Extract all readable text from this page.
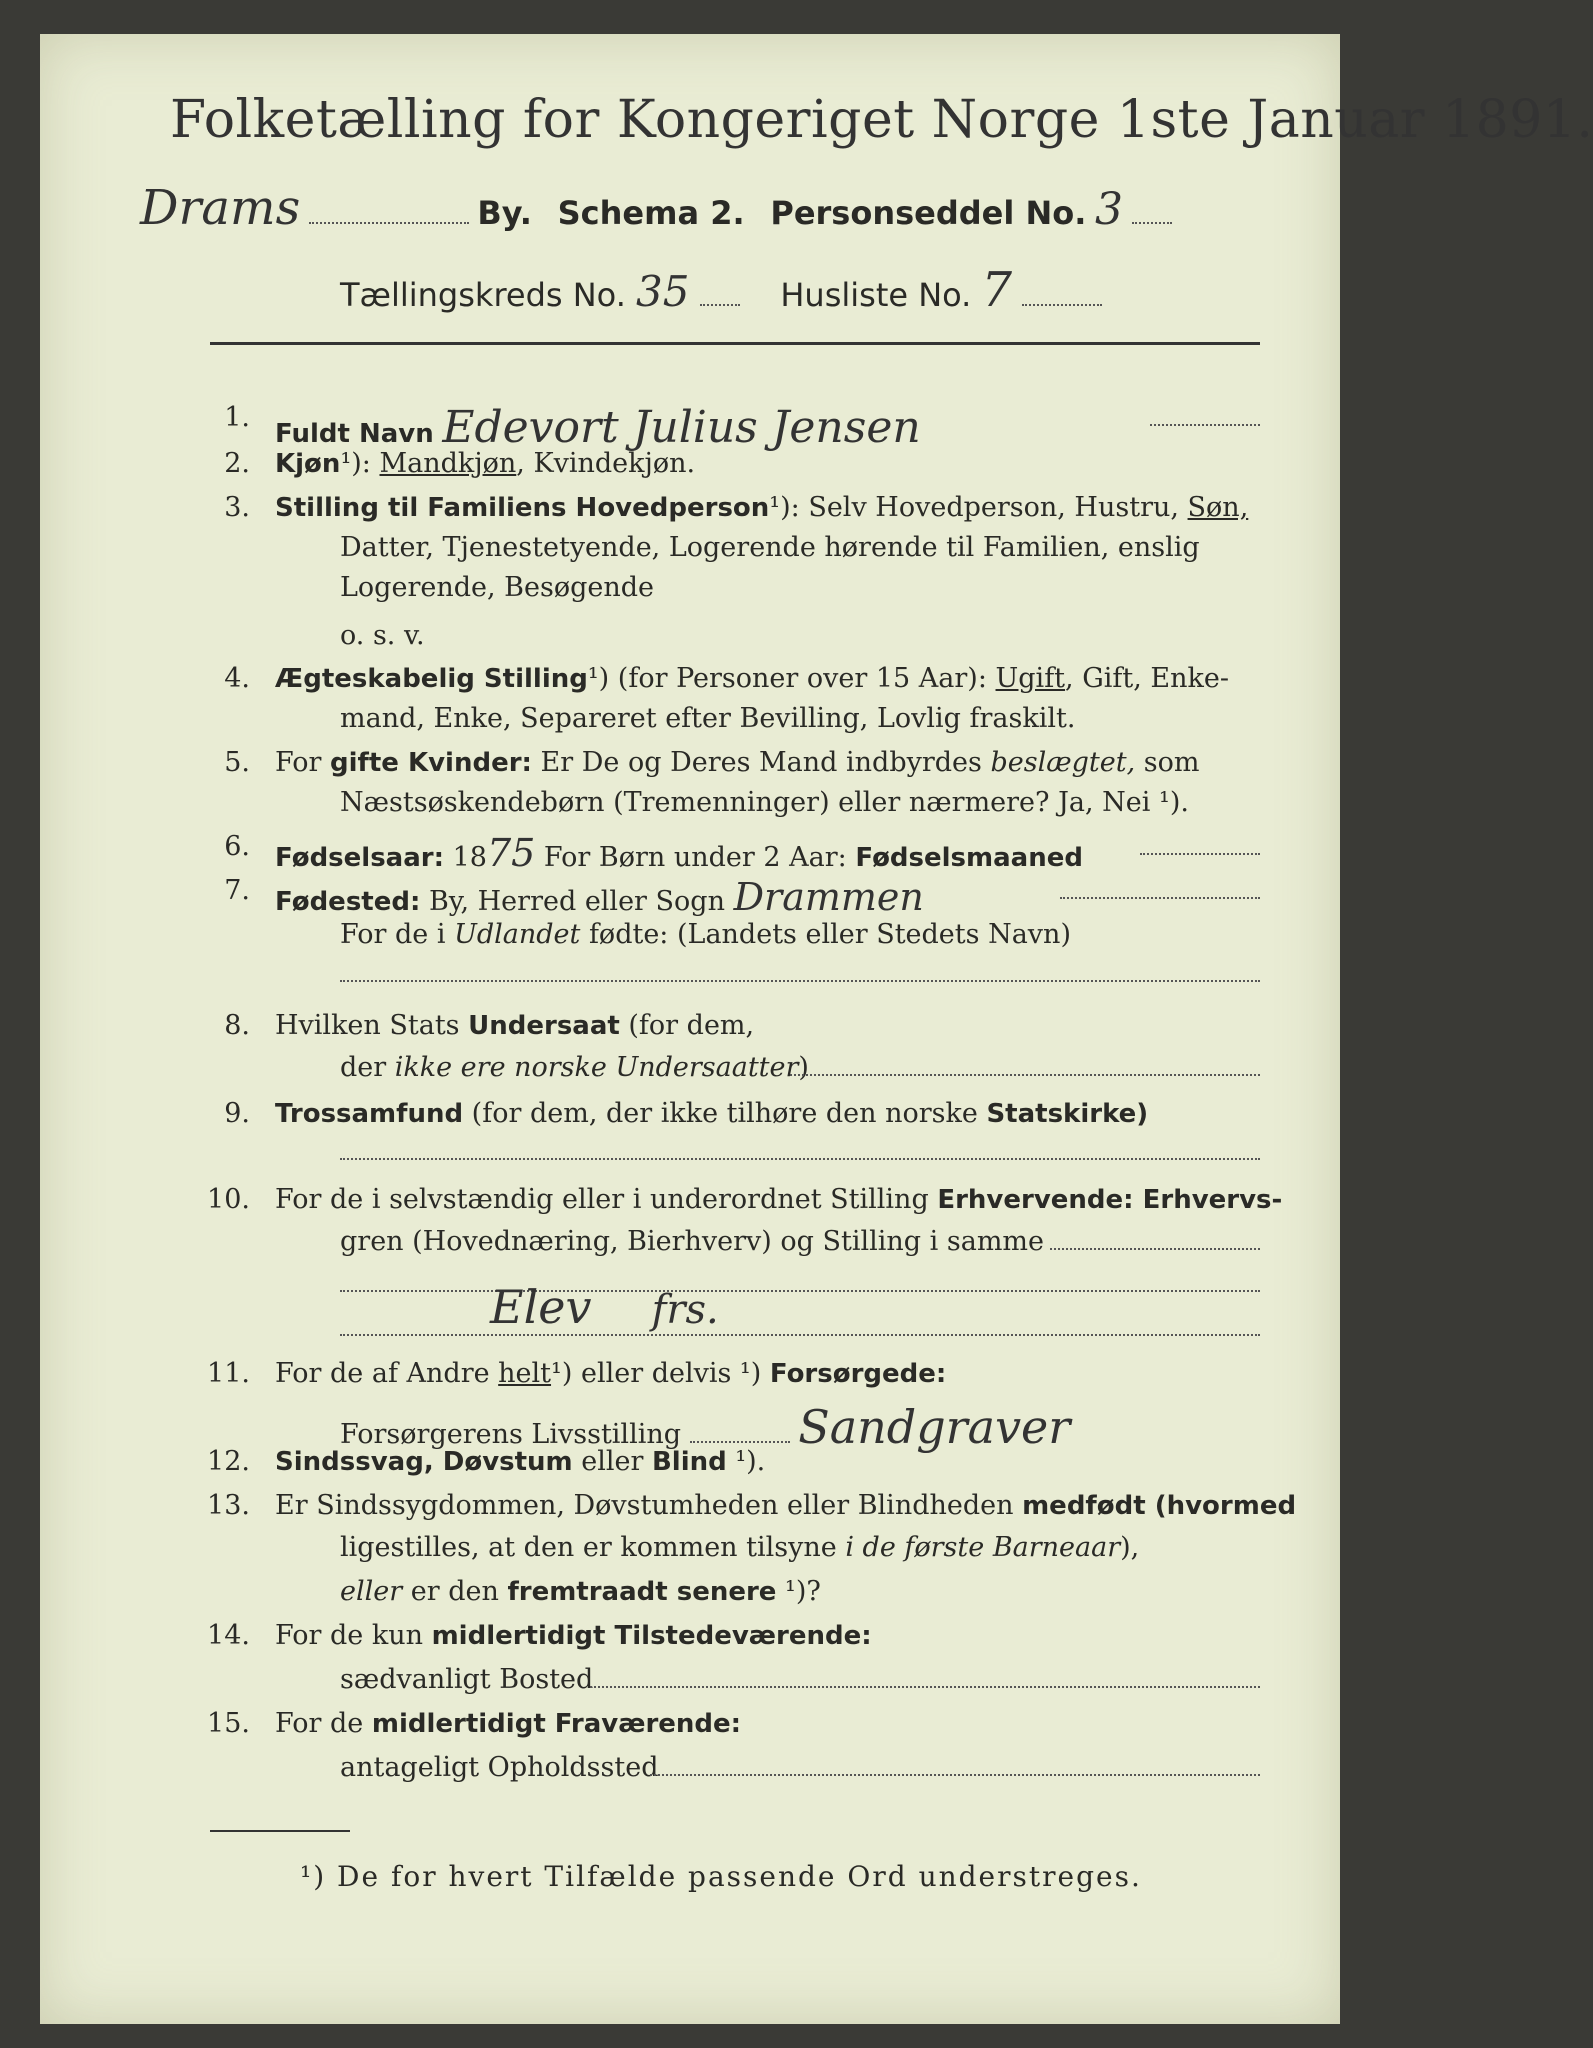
Folketælling for Kongeriget Norge 1ste Januar 1891.
Drams	By. Schema 2. Personseddel No. 3
Tællingskreds No. 35	Husliste No. 7
1.
Fuldt Navn Edevort Julius Jensen
2. Kjøn¹): Mandkjøn, Kvindekjøn.
3. Stilling til Familiens Hovedperson¹): Selv Hovedperson, Hustru, Søn,
Datter, Tjenestetyende, Logerende hørende til Familien, enslig
Logerende, Besøgende
o. s. v.
4. Ægteskabelig Stilling¹) (for Personer over 15 Aar): Ugift, Gift, Enke-
mand, Enke, Separeret efter Bevilling, Lovlig fraskilt.
5. For gifte Kvinder: Er De og Deres Mand indbyrdes beslægtet, som
Næstsøskendebørn (Tremenninger) eller nærmere? Ja, Nei ¹).
6. Fødselsaar: 1875 For Børn under 2 Aar: Fødselsmaaned
7. Fødested: By, Herred eller Sogn Drammen
For de i Udlandet fødte: (Landets eller Stedets Navn)
8. Hvilken Stats Undersaat (for dem,
der ikke ere norske Undersaatter)
9. Trossamfund (for dem, der ikke tilhøre den norske Statskirke)
10. For de i selvstændig eller i underordnet Stilling Erhvervende: Erhvervs-
gren (Hovednæring, Bierhverv) og Stilling i samme
Elev frs.
11. For de af Andre helt¹) eller delvis ¹) Forsørgede:
Forsørgerens Livsstilling	Sandgraver
12. Sindssvag, Døvstum eller Blind ¹).
13. Er Sindssygdommen, Døvstumheden eller Blindheden medfødt (hvormed
ligestilles, at den er kommen tilsyne i de første Barneaar),
eller er den fremtraadt senere ¹)?
14. For de kun midlertidigt Tilstedeværende:
sædvanligt Bosted
15. For de midlertidigt Fraværende:
antageligt Opholdssted
¹) De for hvert Tilfælde passende Ord understreges.
